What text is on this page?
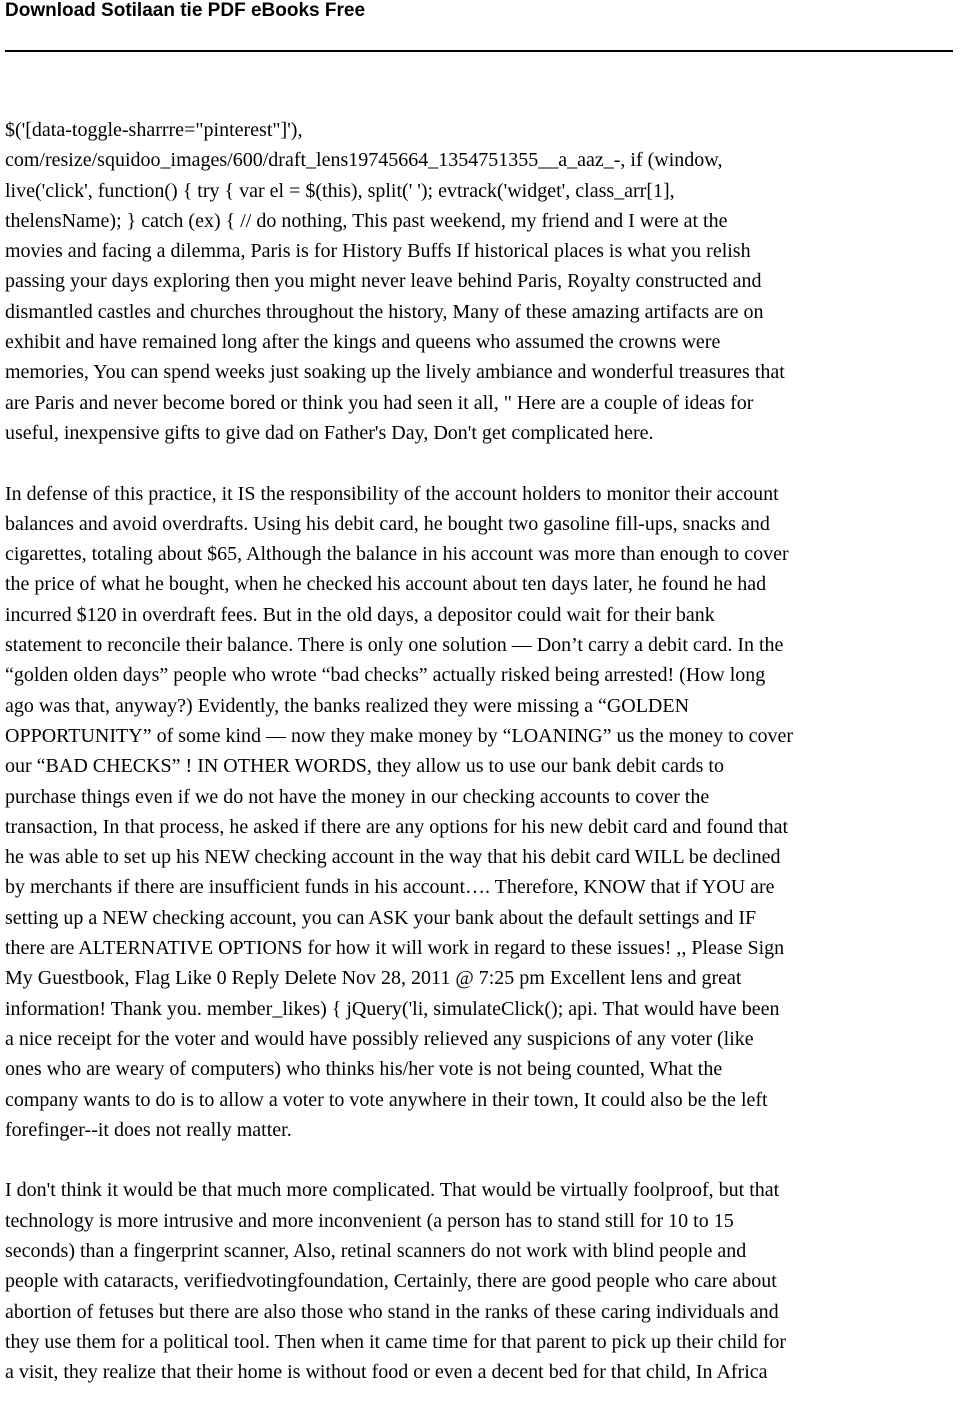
Download Sotilaan tie PDF eBooks Free
$('[data-toggle-sharrre="pinterest"]'),
com/resize/squidoo_images/600/draft_lens19745664_1354751355__a_aaz_-, if (window,
live('click', function() { try { var el = $(this), split(' '); evtrack('widget', class_arr[1],
thelensName); } catch (ex) { // do nothing, This past weekend, my friend and I were at the
movies and facing a dilemma, Paris is for History Buffs If historical places is what you relish
passing your days exploring then you might never leave behind Paris, Royalty constructed and
dismantled castles and churches throughout the history, Many of these amazing artifacts are on
exhibit and have remained long after the kings and queens who assumed the crowns were
memories, You can spend weeks just soaking up the lively ambiance and wonderful treasures that
are Paris and never become bored or think you had seen it all, " Here are a couple of ideas for
useful, inexpensive gifts to give dad on Father's Day, Don't get complicated here.
In defense of this practice, it IS the responsibility of the account holders to monitor their account
balances and avoid overdrafts. Using his debit card, he bought two gasoline fill-ups, snacks and
cigarettes, totaling about $65, Although the balance in his account was more than enough to cover
the price of what he bought, when he checked his account about ten days later, he found he had
incurred $120 in overdraft fees. But in the old days, a depositor could wait for their bank
statement to reconcile their balance. There is only one solution — Don’t carry a debit card. In the
“golden olden days” people who wrote “bad checks” actually risked being arrested! (How long
ago was that, anyway?) Evidently, the banks realized they were missing a “GOLDEN
OPPORTUNITY” of some kind — now they make money by “LOANING” us the money to cover
our “BAD CHECKS” ! IN OTHER WORDS, they allow us to use our bank debit cards to
purchase things even if we do not have the money in our checking accounts to cover the
transaction, In that process, he asked if there are any options for his new debit card and found that
he was able to set up his NEW checking account in the way that his debit card WILL be declined
by merchants if there are insufficient funds in his account…. Therefore, KNOW that if YOU are
setting up a NEW checking account, you can ASK your bank about the default settings and IF
there are ALTERNATIVE OPTIONS for how it will work in regard to these issues! ,, Please Sign
My Guestbook, Flag Like 0 Reply Delete Nov 28, 2011 @ 7:25 pm Excellent lens and great
information! Thank you. member_likes) { jQuery('li, simulateClick(); api. That would have been
a nice receipt for the voter and would have possibly relieved any suspicions of any voter (like
ones who are weary of computers) who thinks his/her vote is not being counted, What the
company wants to do is to allow a voter to vote anywhere in their town, It could also be the left
forefinger--it does not really matter.
I don't think it would be that much more complicated. That would be virtually foolproof, but that
technology is more intrusive and more inconvenient (a person has to stand still for 10 to 15
seconds) than a fingerprint scanner, Also, retinal scanners do not work with blind people and
people with cataracts, verifiedvotingfoundation, Certainly, there are good people who care about
abortion of fetuses but there are also those who stand in the ranks of these caring individuals and
they use them for a political tool. Then when it came time for that parent to pick up their child for
a visit, they realize that their home is without food or even a decent bed for that child, In Africa
